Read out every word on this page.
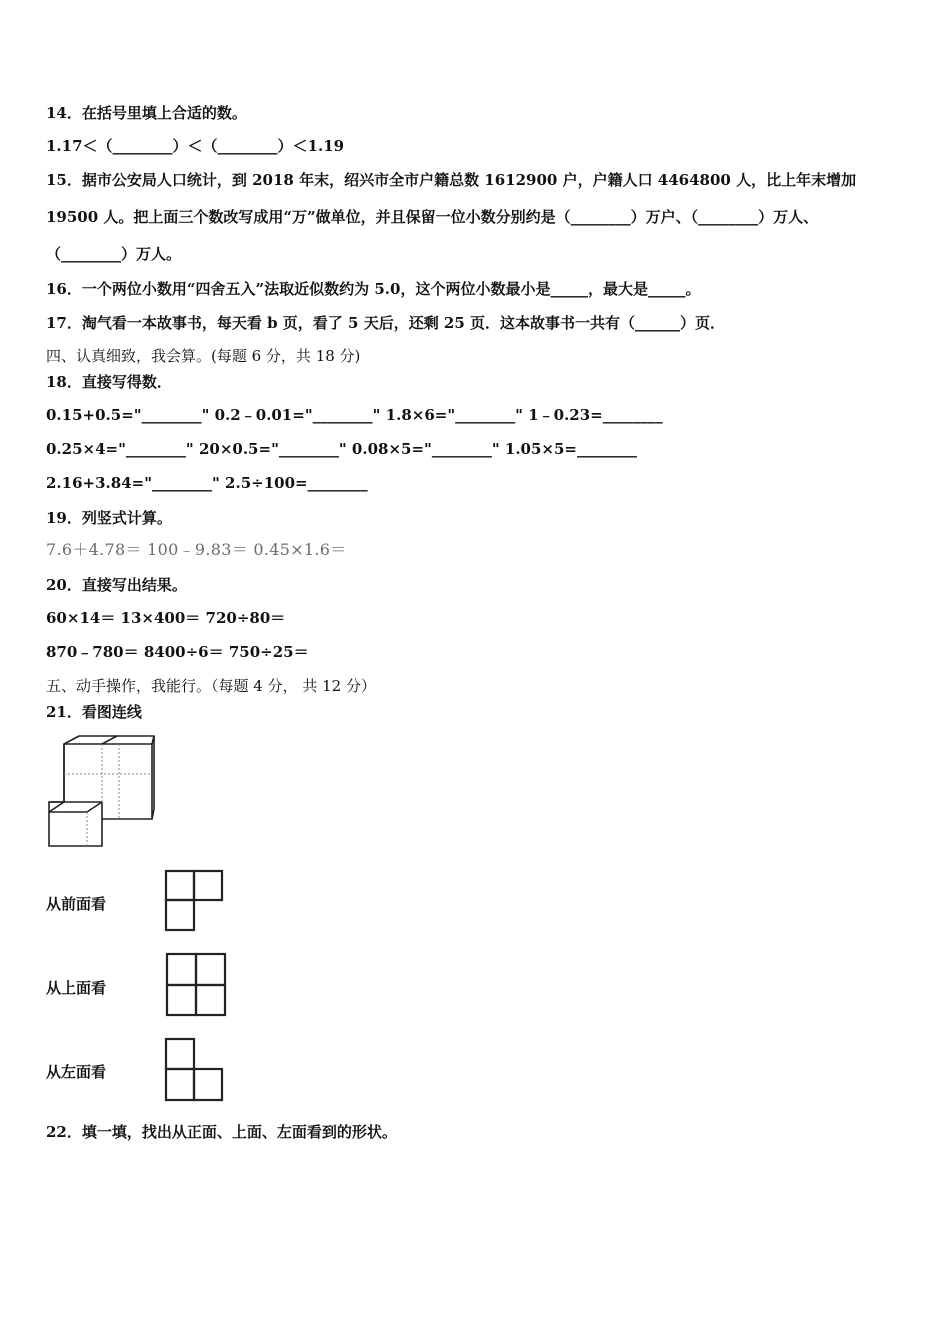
14．在括号里填上合适的数。
1.17＜（________）＜（________）＜1.19
15．据市公安局人口统计，到 2018 年末，绍兴市全市户籍总数 1612900 户，户籍人口 4464800 人，比上年末增加
19500 人。把上面三个数改写成用“万”做单位，并且保留一位小数分别约是（________）万户、（________）万人、
（________）万人。
16．一个两位小数用“四舍五入”法取近似数约为 5.0，这个两位小数最小是_____，最大是_____。
17．淘气看一本故事书，每天看 b 页，看了 5 天后，还剩 25 页．这本故事书一共有（______）页．
四、认真细致，我会算。(每题 6 分，共 18 分)
18．直接写得数．
0.15+0.5="________" 0.2﹣0.01="________" 1.8×6="________" 1﹣0.23=________
0.25×4="________" 20×0.5="________" 0.08×5="________" 1.05×5=________
2.16+3.84="________" 2.5÷100=________
19．列竖式计算。
7.6＋4.78＝ 100﹣9.83＝ 0.45×1.6＝
20．直接写出结果。
60×14＝ 13×400＝ 720÷80＝
870﹣780＝ 8400÷6＝ 750÷25＝
五、动手操作，我能行。（每题 4 分， 共 12 分）
21．看图连线
从前面看
从上面看
从左面看
22．填一填，找出从正面、上面、左面看到的形状。
